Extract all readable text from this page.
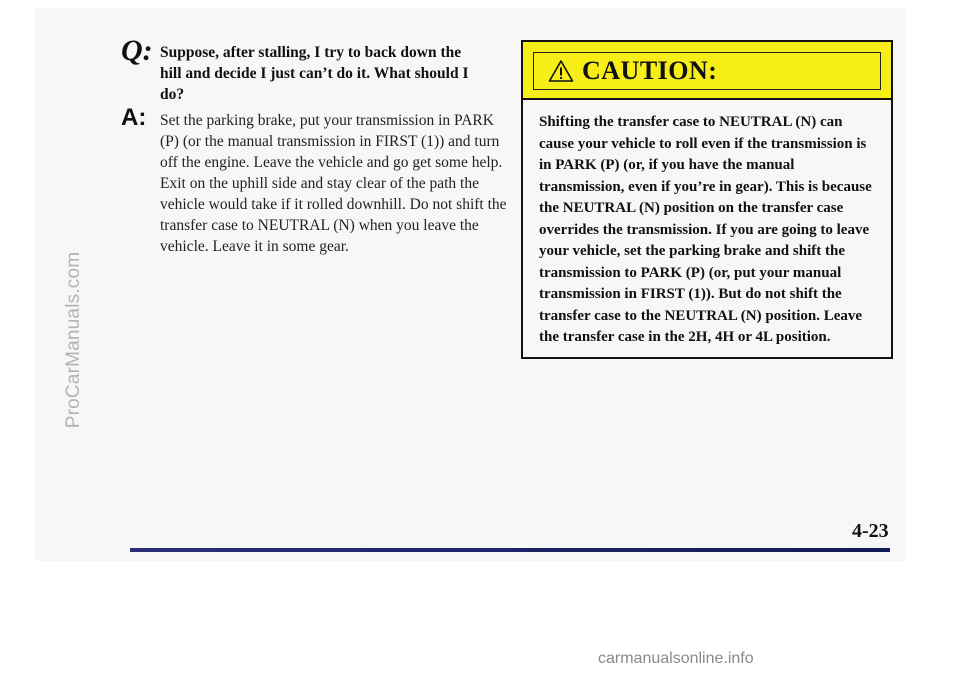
ProCarManuals.com
Q: Suppose, after stalling, I try to back down the hill and decide I just can’t do it. What should I do?
A: Set the parking brake, put your transmission in PARK (P) (or the manual transmission in FIRST (1)) and turn off the engine. Leave the vehicle and go get some help. Exit on the uphill side and stay clear of the path the vehicle would take if it rolled downhill. Do not shift the transfer case to NEUTRAL (N) when you leave the vehicle. Leave it in some gear.
CAUTION:
Shifting the transfer case to NEUTRAL (N) can cause your vehicle to roll even if the transmission is in PARK (P) (or, if you have the manual transmission, even if you’re in gear). This is because the NEUTRAL (N) position on the transfer case overrides the transmission. If you are going to leave your vehicle, set the parking brake and shift the transmission to PARK (P) (or, put your manual transmission in FIRST (1)). But do not shift the transfer case to the NEUTRAL (N) position. Leave the transfer case in the 2H, 4H or 4L position.
4-23
carmanualsonline.info
